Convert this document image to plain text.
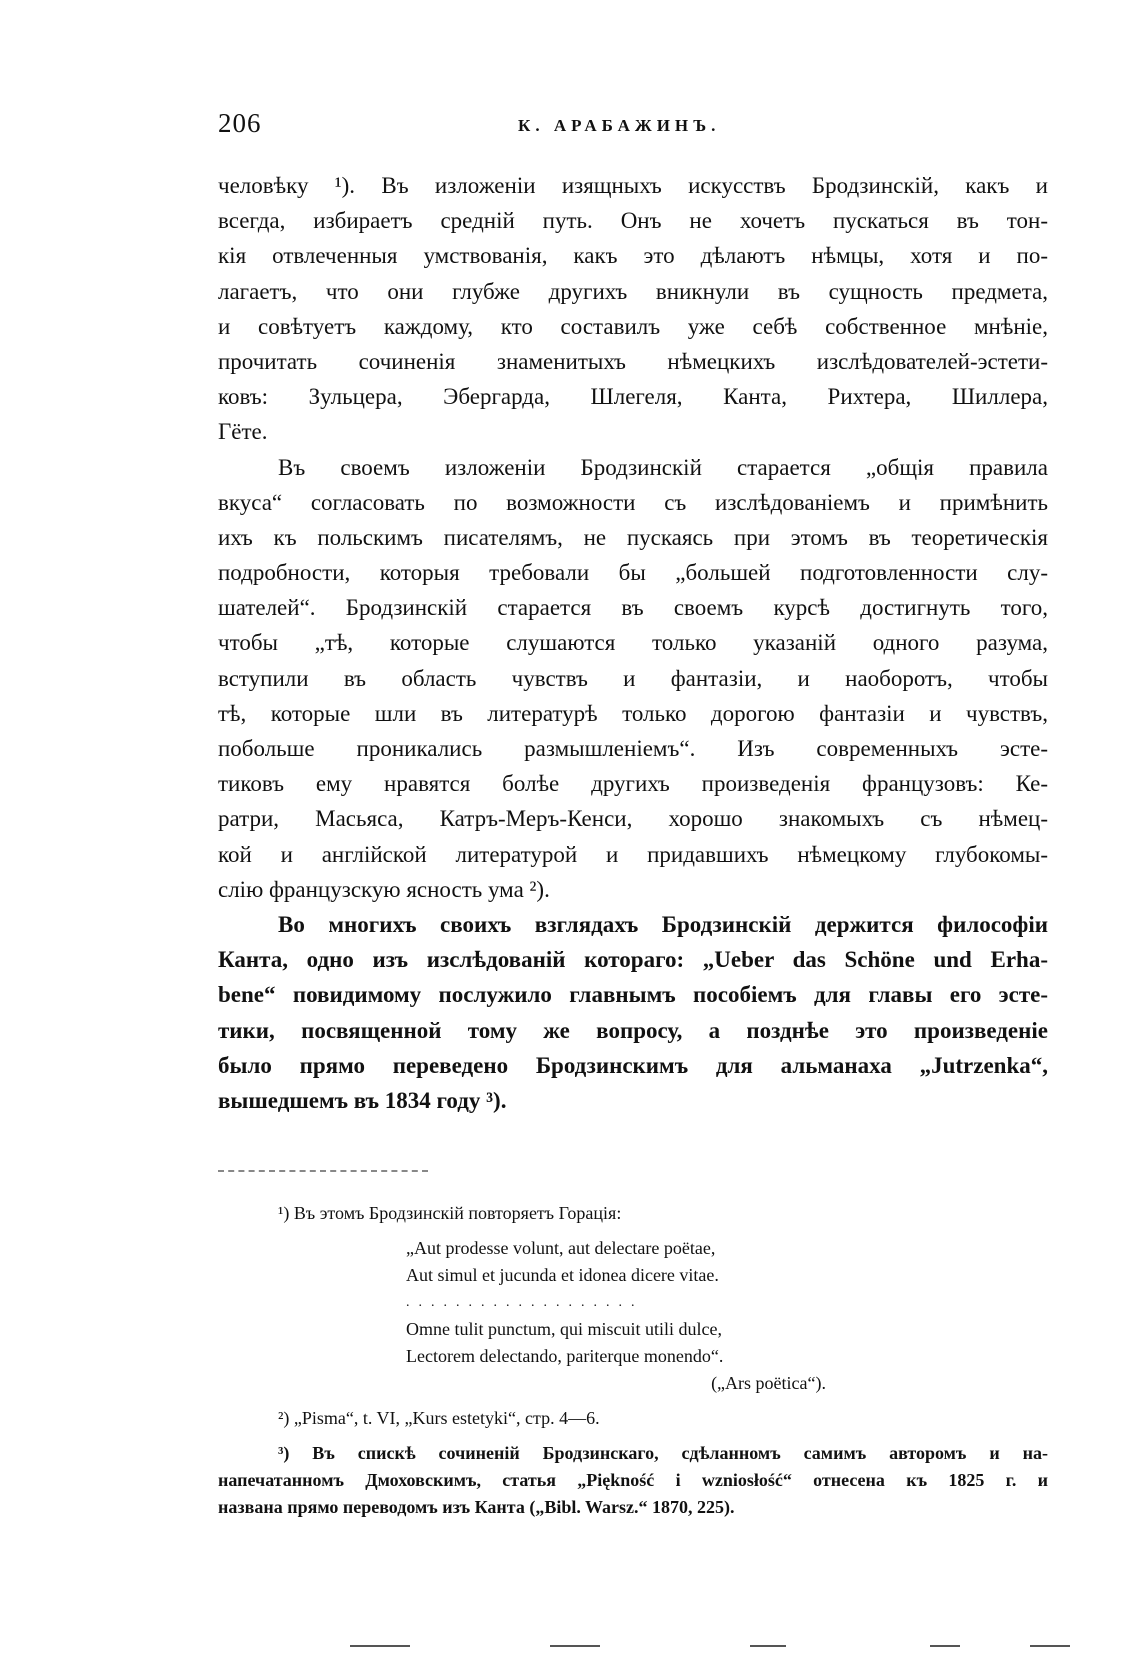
206	К. АРАБАЖИНЪ.
человѣку ¹). Въ изложеніи изящныхъ искусствъ Бродзинскій, какъ и
всегда, избираетъ средній путь. Онъ не хочетъ пускаться въ тон-
кія отвлеченныя умствованія, какъ это дѣлаютъ нѣмцы, хотя и по-
лагаетъ, что они глубже другихъ вникнули въ сущность предмета,
и совѣтуетъ каждому, кто составилъ уже себѣ собственное мнѣніе,
прочитать сочиненія знаменитыхъ нѣмецкихъ изслѣдователей-эстети-
ковъ: Зульцера, Эбергарда, Шлегеля, Канта, Рихтера, Шиллера,
Гёте.
Въ своемъ изложеніи Бродзинскій старается „общія правила
вкуса“ согласовать по возможности съ изслѣдованіемъ и примѣнить
ихъ къ польскимъ писателямъ, не пускаясь при этомъ въ теоретическія
подробности, которыя требовали бы „большей подготовленности слу-
шателей“. Бродзинскій старается въ своемъ курсѣ достигнуть того,
чтобы „тѣ, которые слушаются только указаній одного разума,
вступили въ область чувствъ и фантазіи, и наоборотъ, чтобы
тѣ, которые шли въ литературѣ только дорогою фантазіи и чувствъ,
побольше проникались размышленіемъ“. Изъ современныхъ эсте-
тиковъ ему нравятся болѣе другихъ произведенія французовъ: Ке-
ратри, Масьяса, Катръ-Меръ-Кенси, хорошо знакомыхъ съ нѣмец-
кой и англійской литературой и придавшихъ нѣмецкому глубокомы-
слію французскую ясность ума ²).
Во многихъ своихъ взглядахъ Бродзинскій держится философіи
Канта, одно изъ изслѣдованій котораго: „Ueber das Schöne und Erha-
bene“ повидимому послужило главнымъ пособіемъ для главы его эсте-
тики, посвященной тому же вопросу, а позднѣе это произведеніе
было прямо переведено Бродзинскимъ для альманаха „Jutrzenka“,
вышедшемъ въ 1834 году ³).
¹) Въ этомъ Бродзинскій повторяетъ Горація:
„Aut prodesse volunt, aut delectare poëtae,
Aut simul et jucunda et idonea dicere vitae.
...................
Omne tulit punctum, qui miscuit utili dulce,
Lectorem delectando, pariterque monendo“.
(„Ars poëtica“).
²) „Pisma“, t. VI, „Kurs estetyki“, стр. 4—6.
³) Въ спискѣ сочиненій Бродзинскаго, сдѣланномъ самимъ авторомъ и на-
напечатанномъ Дмоховскимъ, статья „Piękność i wzniosłość“ отнесена къ 1825 г. и
названа прямо переводомъ изъ Канта („Bibl. Warsz.“ 1870, 225).
